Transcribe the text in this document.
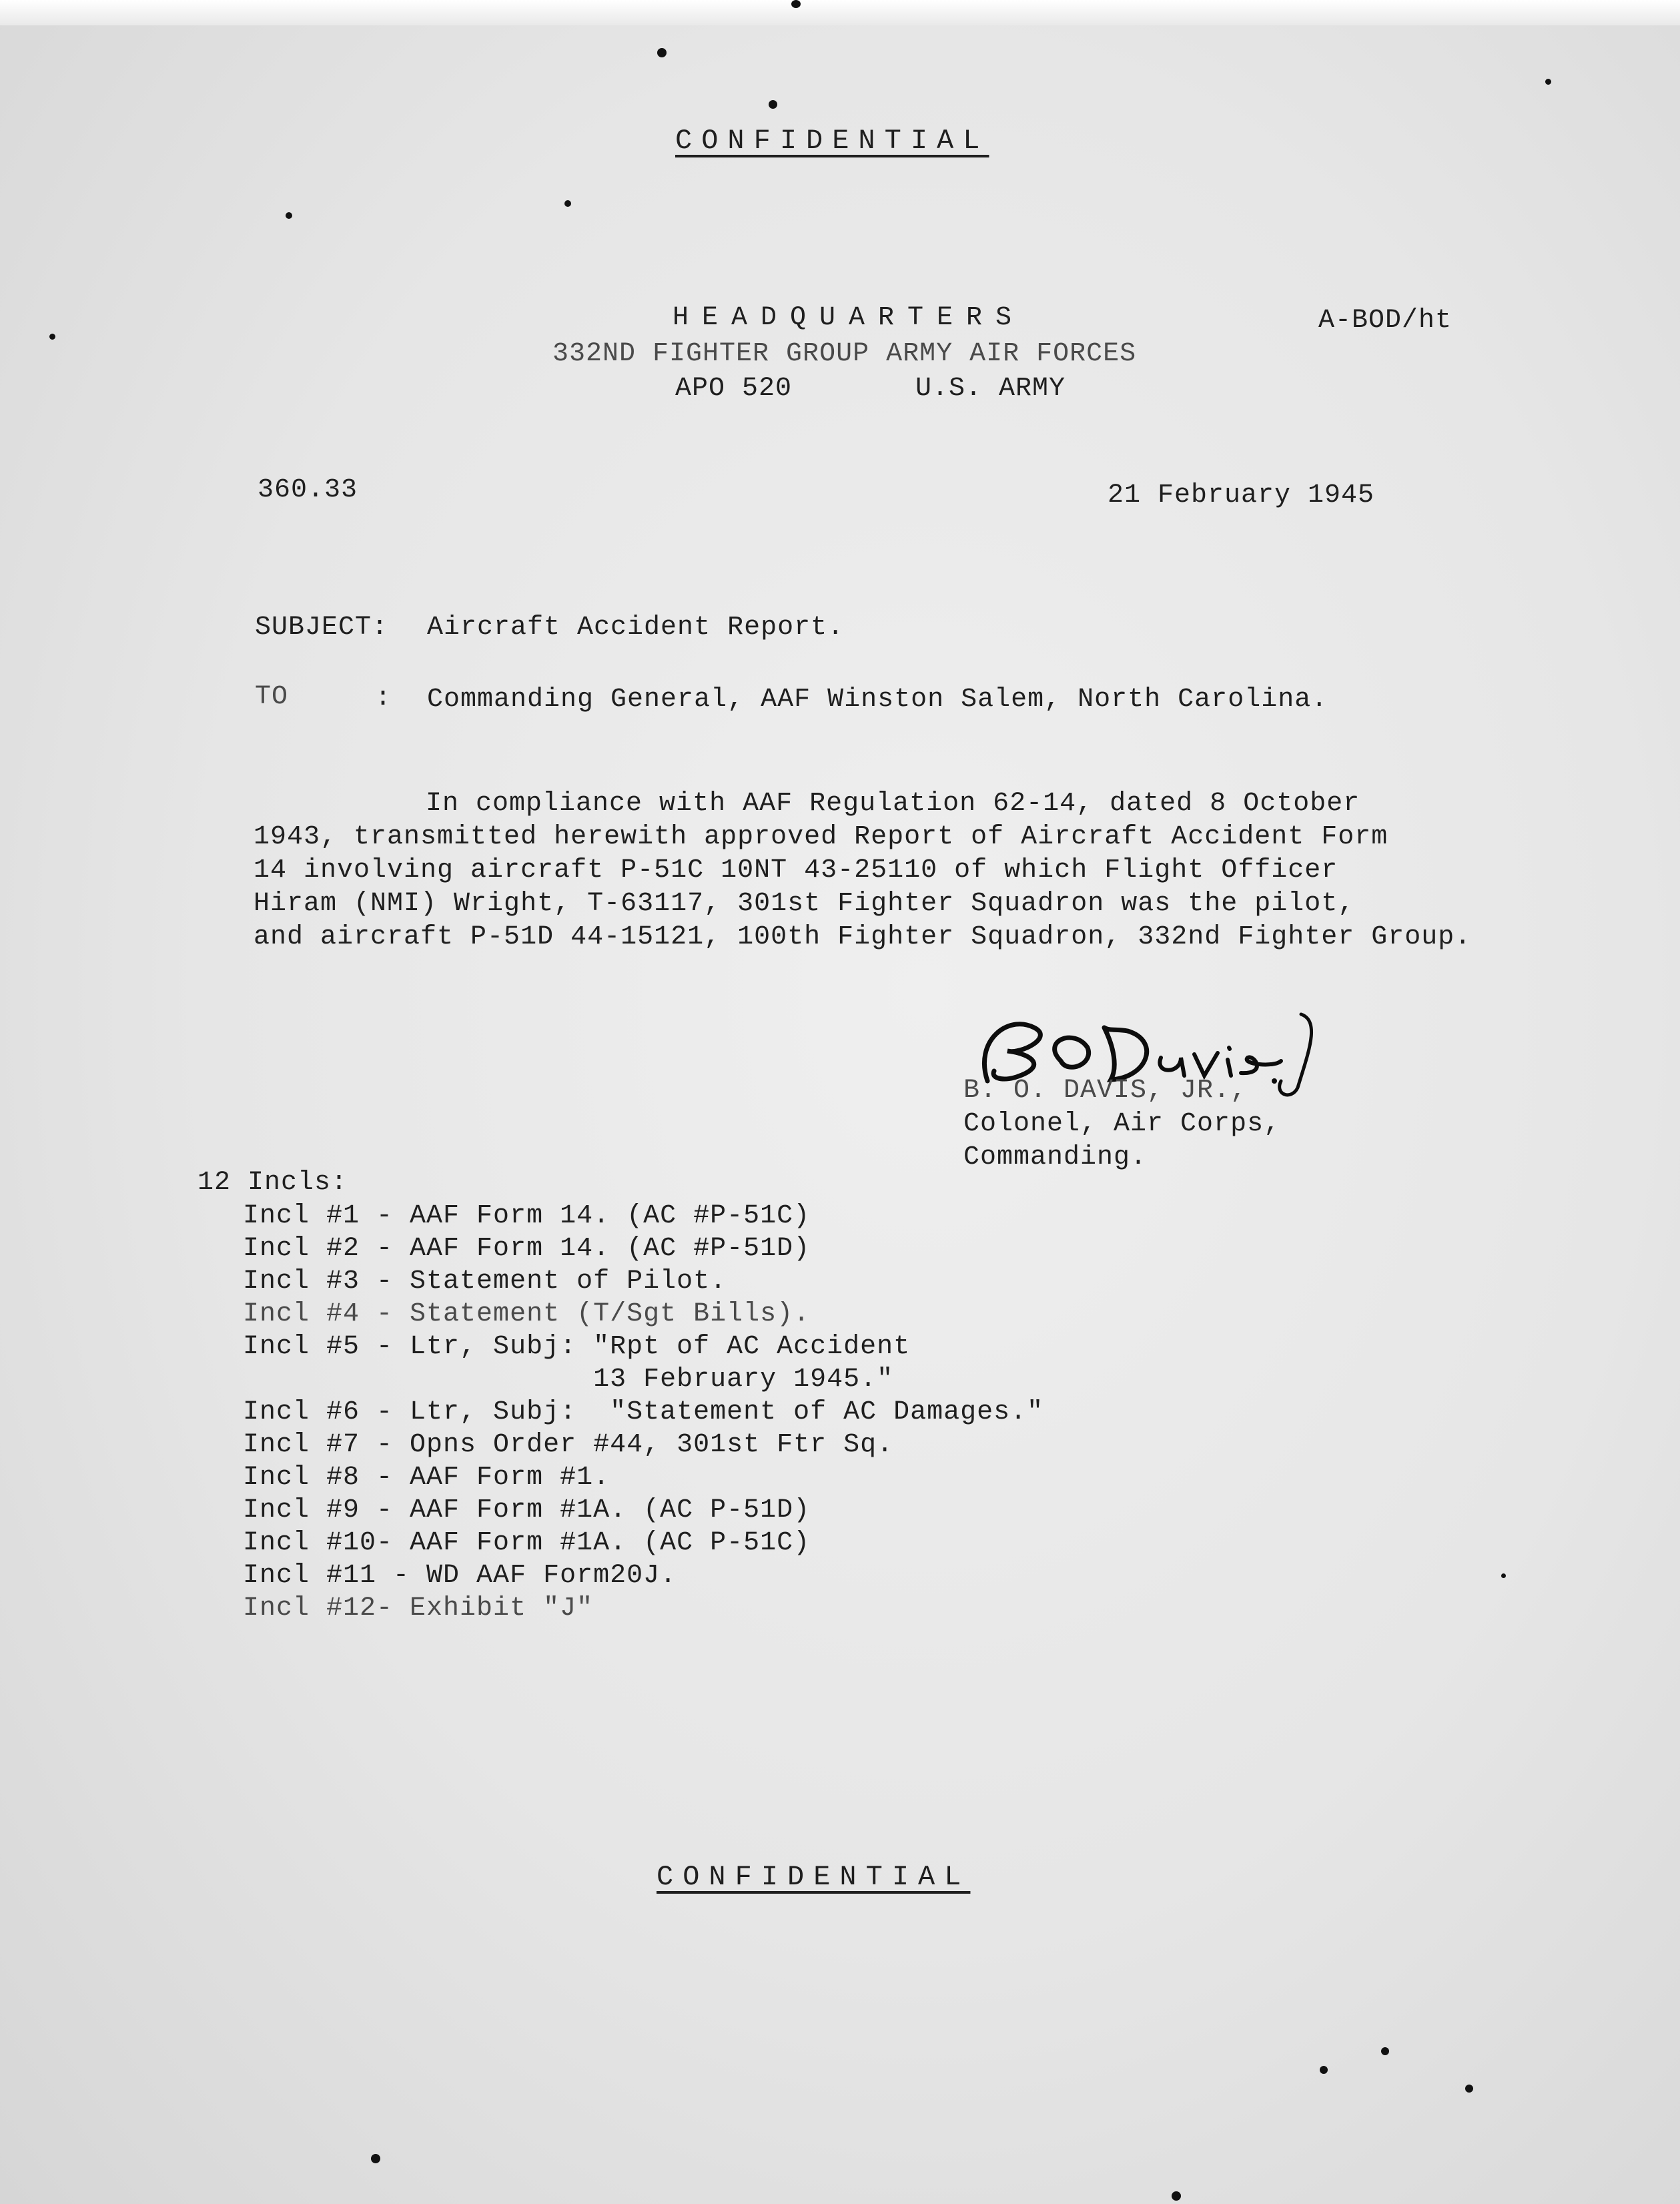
CONFIDENTIAL

HEADQUARTERS

332ND FIGHTER GROUP ARMY AIR FORCES

APO 520	U.S. ARMY

A-BOD/ht

360.33	21 February 1945

SUBJECT: Aircraft Accident Report.

TO	: Commanding General, AAF Winston Salem, North Carolina.

In compliance with AAF Regulation 62-14, dated 8 October

1943, transmitted herewith approved Report of Aircraft Accident Form

14 involving aircraft P-51C 10NT 43-25110 of which Flight Officer

Hiram (NMI) Wright, T-63117, 301st Fighter Squadron was the pilot,

and aircraft P-51D 44-15121, 100th Fighter Squadron, 332nd Fighter Group.

B. O. DAVIS, JR.,

Colonel, Air Corps,

Commanding.

12 Incls:

Incl #1 - AAF Form 14. (AC #P-51C)

Incl #2 - AAF Form 14. (AC #P-51D)

Incl #3 - Statement of Pilot.

Incl #4 - Statement (T/Sgt Bills).

Incl #5 - Ltr, Subj: "Rpt of AC Accident

13 February 1945."

Incl #6 - Ltr, Subj:  "Statement of AC Damages."

Incl #7 - Opns Order #44, 301st Ftr Sq.

Incl #8 - AAF Form #1.

Incl #9 - AAF Form #1A. (AC P-51D)

Incl #10- AAF Form #1A. (AC P-51C)

Incl #11 - WD AAF Form20J.

Incl #12- Exhibit "J"

CONFIDENTIAL
